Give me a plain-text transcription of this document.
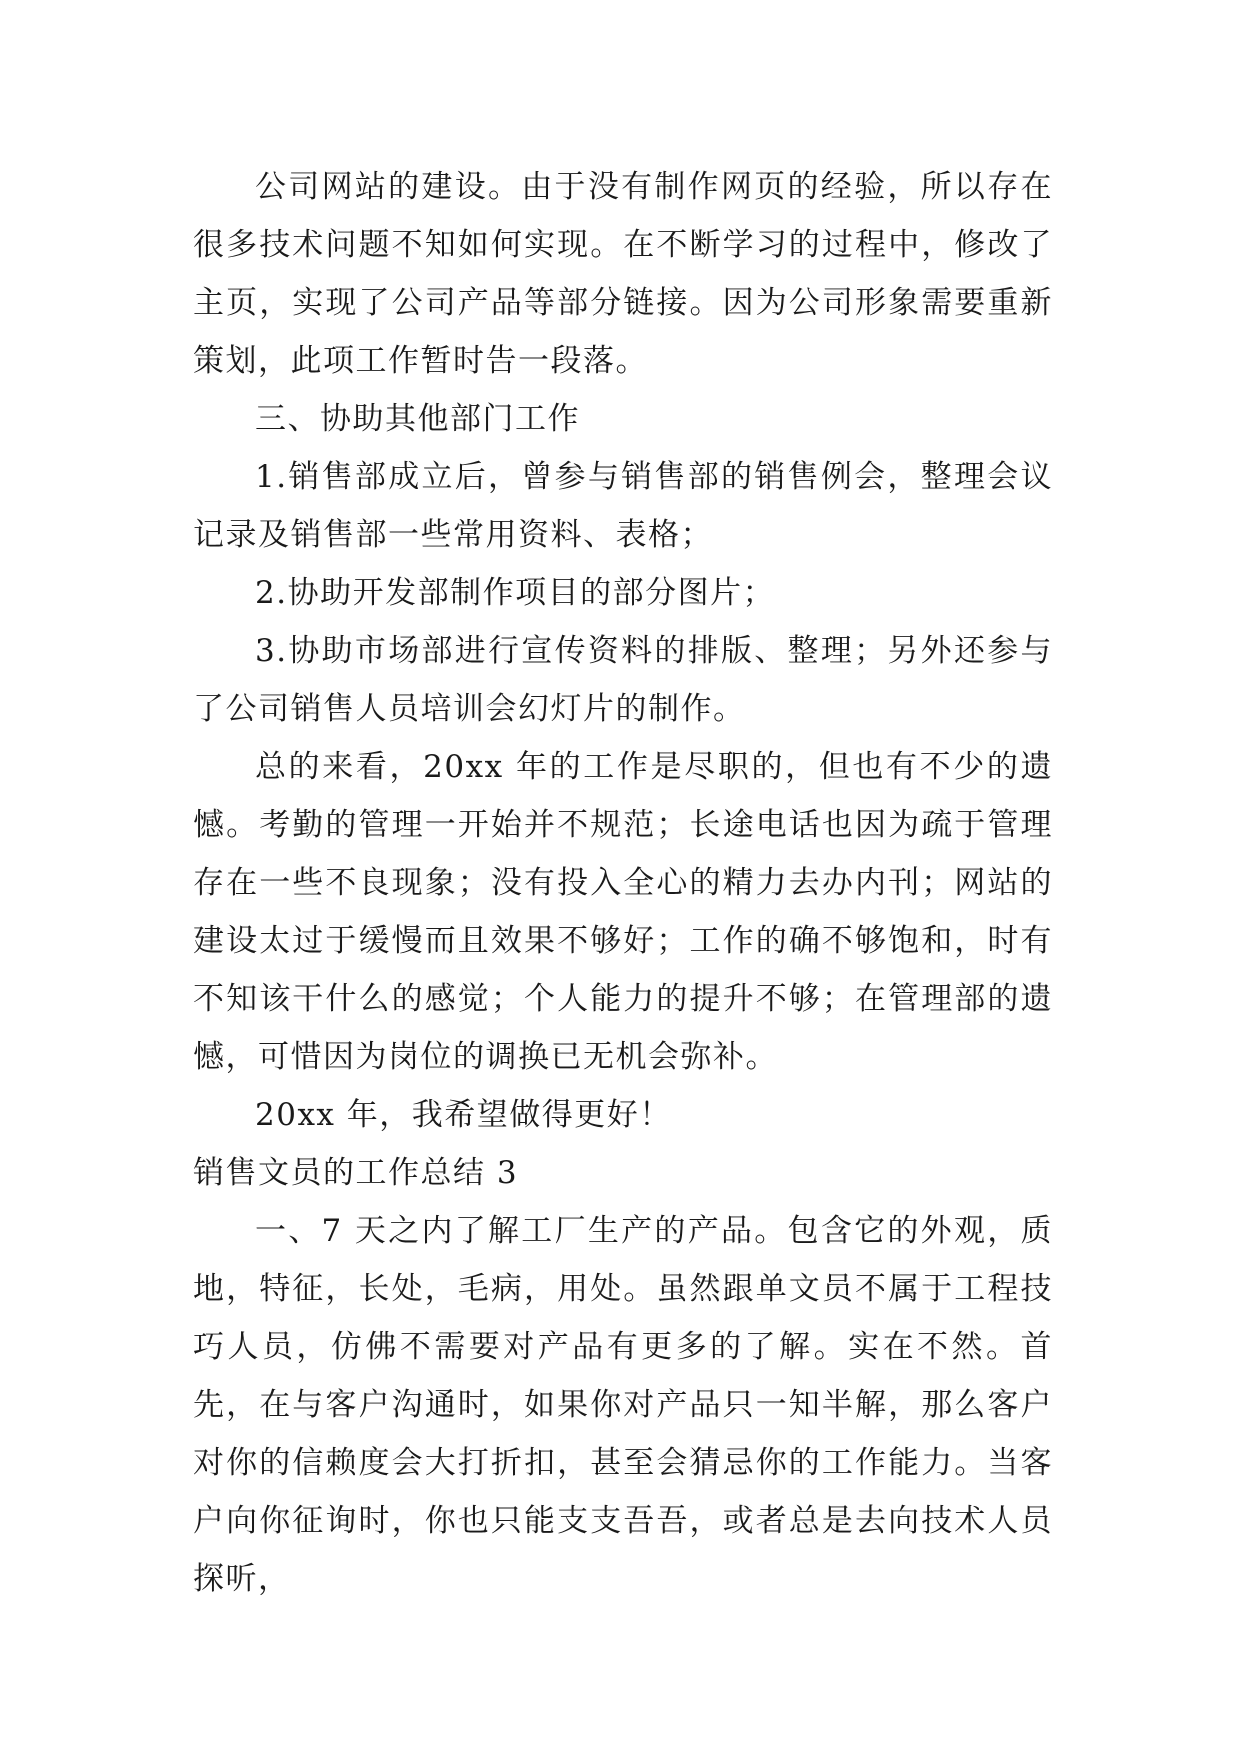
公司网站的建设。由于没有制作网页的经验，所以存在很多技术问题不知如何实现。在不断学习的过程中，修改了主页，实现了公司产品等部分链接。因为公司形象需要重新策划，此项工作暂时告一段落。

三、协助其他部门工作

1.销售部成立后，曾参与销售部的销售例会，整理会议记录及销售部一些常用资料、表格；

2.协助开发部制作项目的部分图片；

3.协助市场部进行宣传资料的排版、整理；另外还参与了公司销售人员培训会幻灯片的制作。

总的来看，20xx 年的工作是尽职的，但也有不少的遗憾。考勤的管理一开始并不规范；长途电话也因为疏于管理存在一些不良现象；没有投入全心的精力去办内刊；网站的建设太过于缓慢而且效果不够好；工作的确不够饱和，时有不知该干什么的感觉；个人能力的提升不够；在管理部的遗憾，可惜因为岗位的调换已无机会弥补。

20xx 年，我希望做得更好！

销售文员的工作总结 3

一、7 天之内了解工厂生产的产品。包含它的外观，质地，特征，长处，毛病，用处。虽然跟单文员不属于工程技巧人员，仿佛不需要对产品有更多的了解。实在不然。首先，在与客户沟通时，如果你对产品只一知半解，那么客户对你的信赖度会大打折扣，甚至会猜忌你的工作能力。当客户向你征询时，你也只能支支吾吾，或者总是去向技术人员探听，
